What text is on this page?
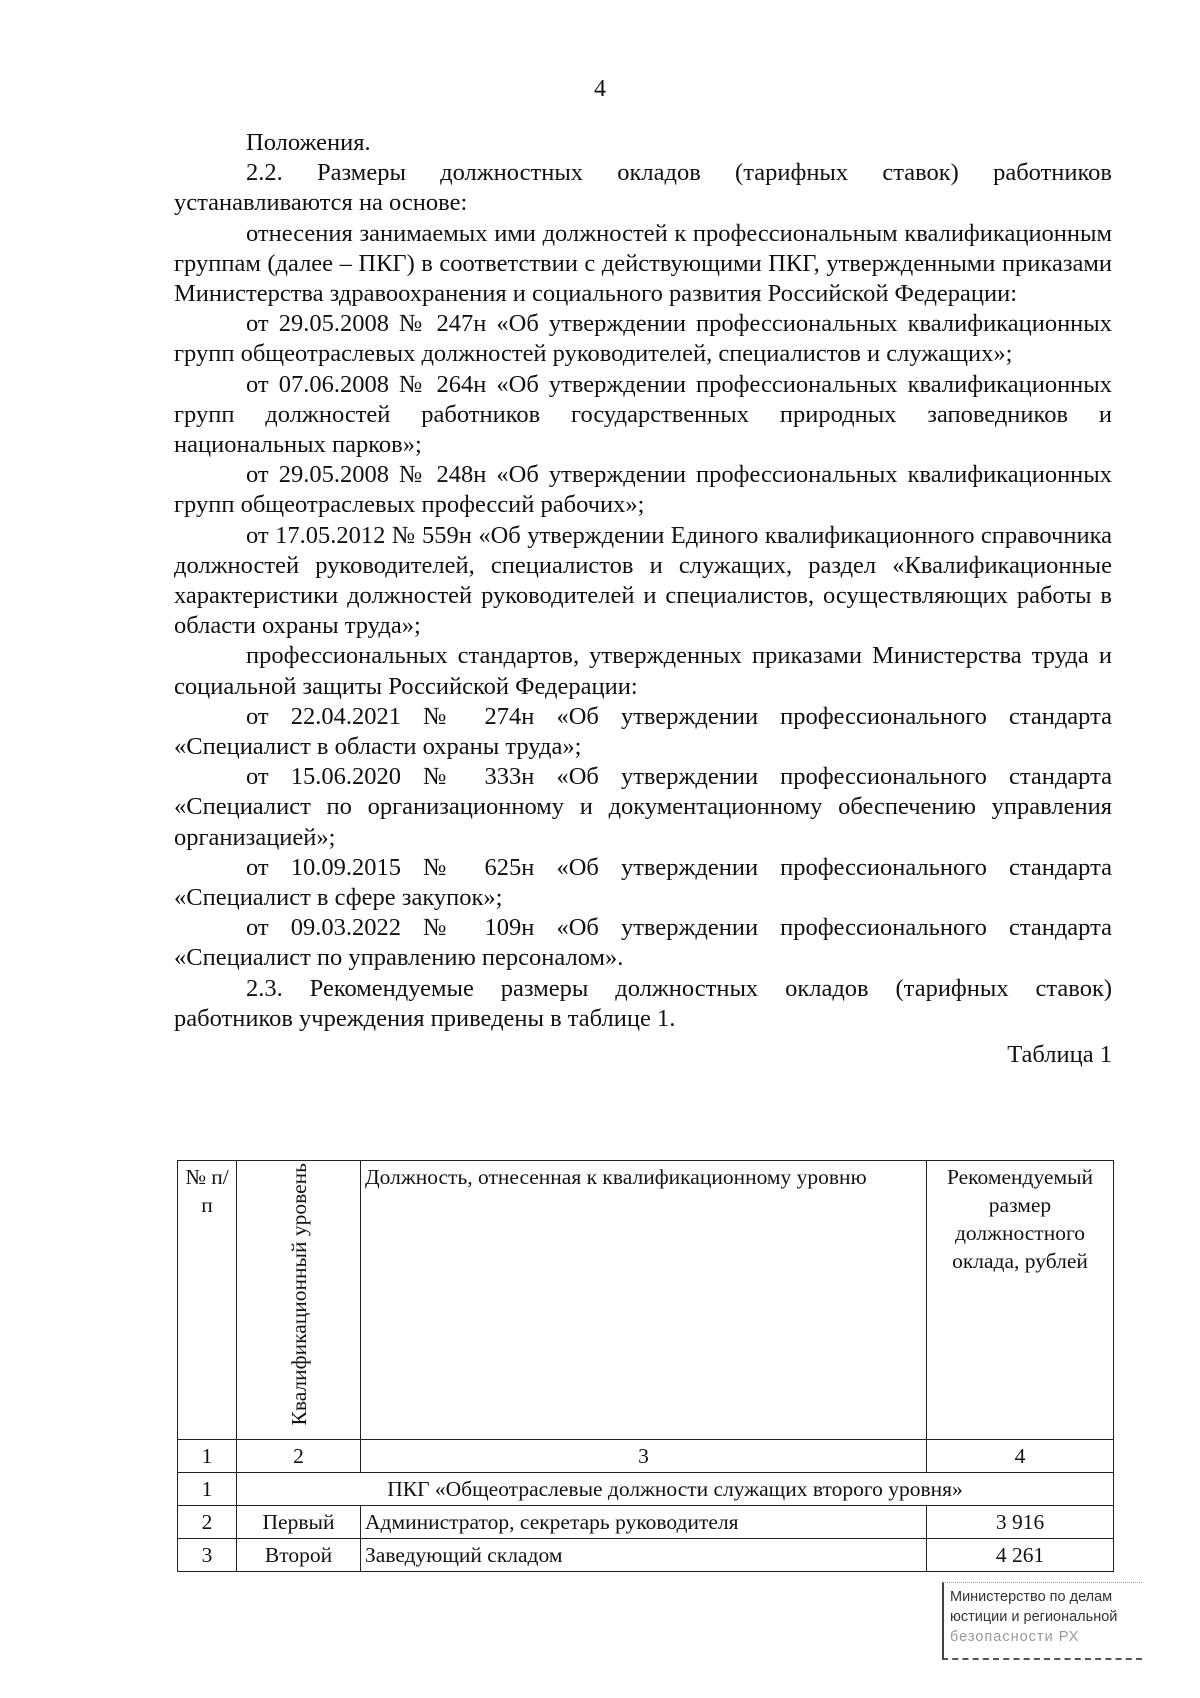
4

Положения.

2.2. Размеры должностных окладов (тарифных ставок) работников устанавливаются на основе:

отнесения занимаемых ими должностей к профессиональным квалификационным группам (далее – ПКГ) в соответствии с действующими ПКГ, утвержденными приказами Министерства здравоохранения и социального развития Российской Федерации:

от 29.05.2008 № 247н «Об утверждении профессиональных квалификационных групп общеотраслевых должностей руководителей, специалистов и служащих»;

от 07.06.2008 № 264н «Об утверждении профессиональных квалификационных групп должностей работников государственных природных заповедников и национальных парков»;

от 29.05.2008 № 248н «Об утверждении профессиональных квалификационных групп общеотраслевых профессий рабочих»;

от 17.05.2012 № 559н «Об утверждении Единого квалификационного справочника должностей руководителей, специалистов и служащих, раздел «Квалификационные характеристики должностей руководителей и специалистов, осуществляющих работы в области охраны труда»;

профессиональных стандартов, утвержденных приказами Министерства труда и социальной защиты Российской Федерации:

от 22.04.2021 № 274н «Об утверждении профессионального стандарта «Специалист в области охраны труда»;

от 15.06.2020 № 333н «Об утверждении профессионального стандарта «Специалист по организационному и документационному обеспечению управления организацией»;

от 10.09.2015 № 625н «Об утверждении профессионального стандарта «Специалист в сфере закупок»;

от 09.03.2022 № 109н «Об утверждении профессионального стандарта «Специалист по управлению персоналом».

2.3. Рекомендуемые размеры должностных окладов (тарифных ставок) работников учреждения приведены в таблице 1.

Таблица 1

№ п/п	Квалификационный уровень	Должность, отнесенная к квалификационному уровню	Рекомендуемый размер должностного оклада, рублей
1	2	3	4
1	ПКГ «Общеотраслевые должности служащих второго уровня»		
2	Первый	Администратор, секретарь руководителя	3 916
3	Второй	Заведующий складом	4 261
Министерство по делам
юстиции и региональной
безопасности РХ
